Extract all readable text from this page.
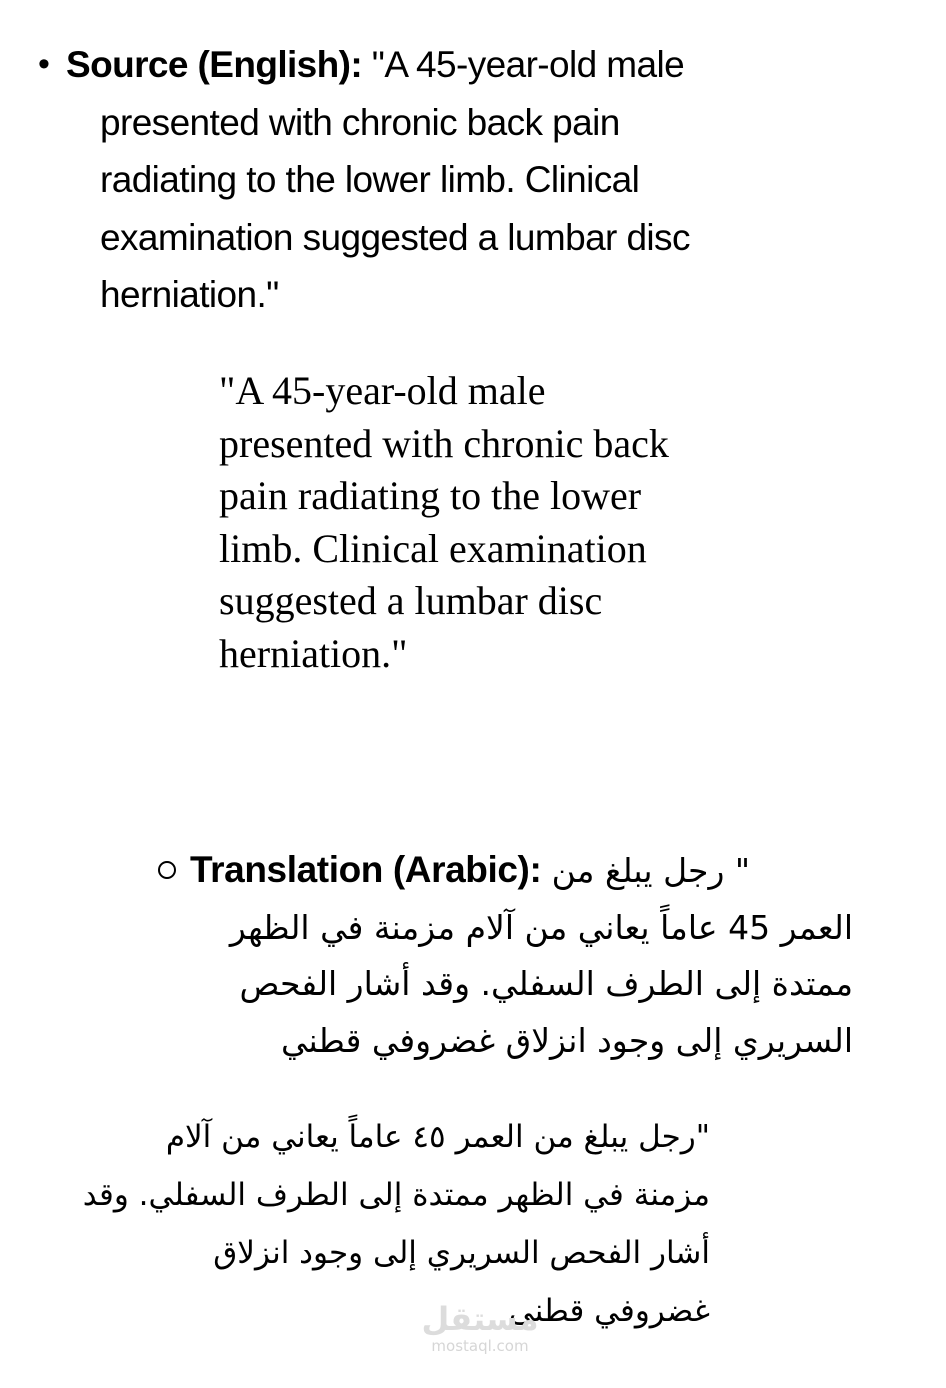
• Source (English): "A 45-year-old male
presented with chronic back pain
radiating to the lower limb. Clinical
examination suggested a lumbar disc
herniation."
"A 45-year-old male
presented with chronic back
pain radiating to the lower
limb. Clinical examination
suggested a lumbar disc
herniation."
Translation (Arabic): " رجل يبلغ من
العمر 45 عاماً يعاني من آلام مزمنة في الظهر
ممتدة إلى الطرف السفلي. وقد أشار الفحص
السريري إلى وجود انزلاق غضروفي قطني
"رجل يبلغ من العمر ٤٥ عاماً يعاني من آلام
مزمنة في الظهر ممتدة إلى الطرف السفلي. وقد
أشار الفحص السريري إلى وجود انزلاق
غضروفي قطني
مستقل
mostaql.com
